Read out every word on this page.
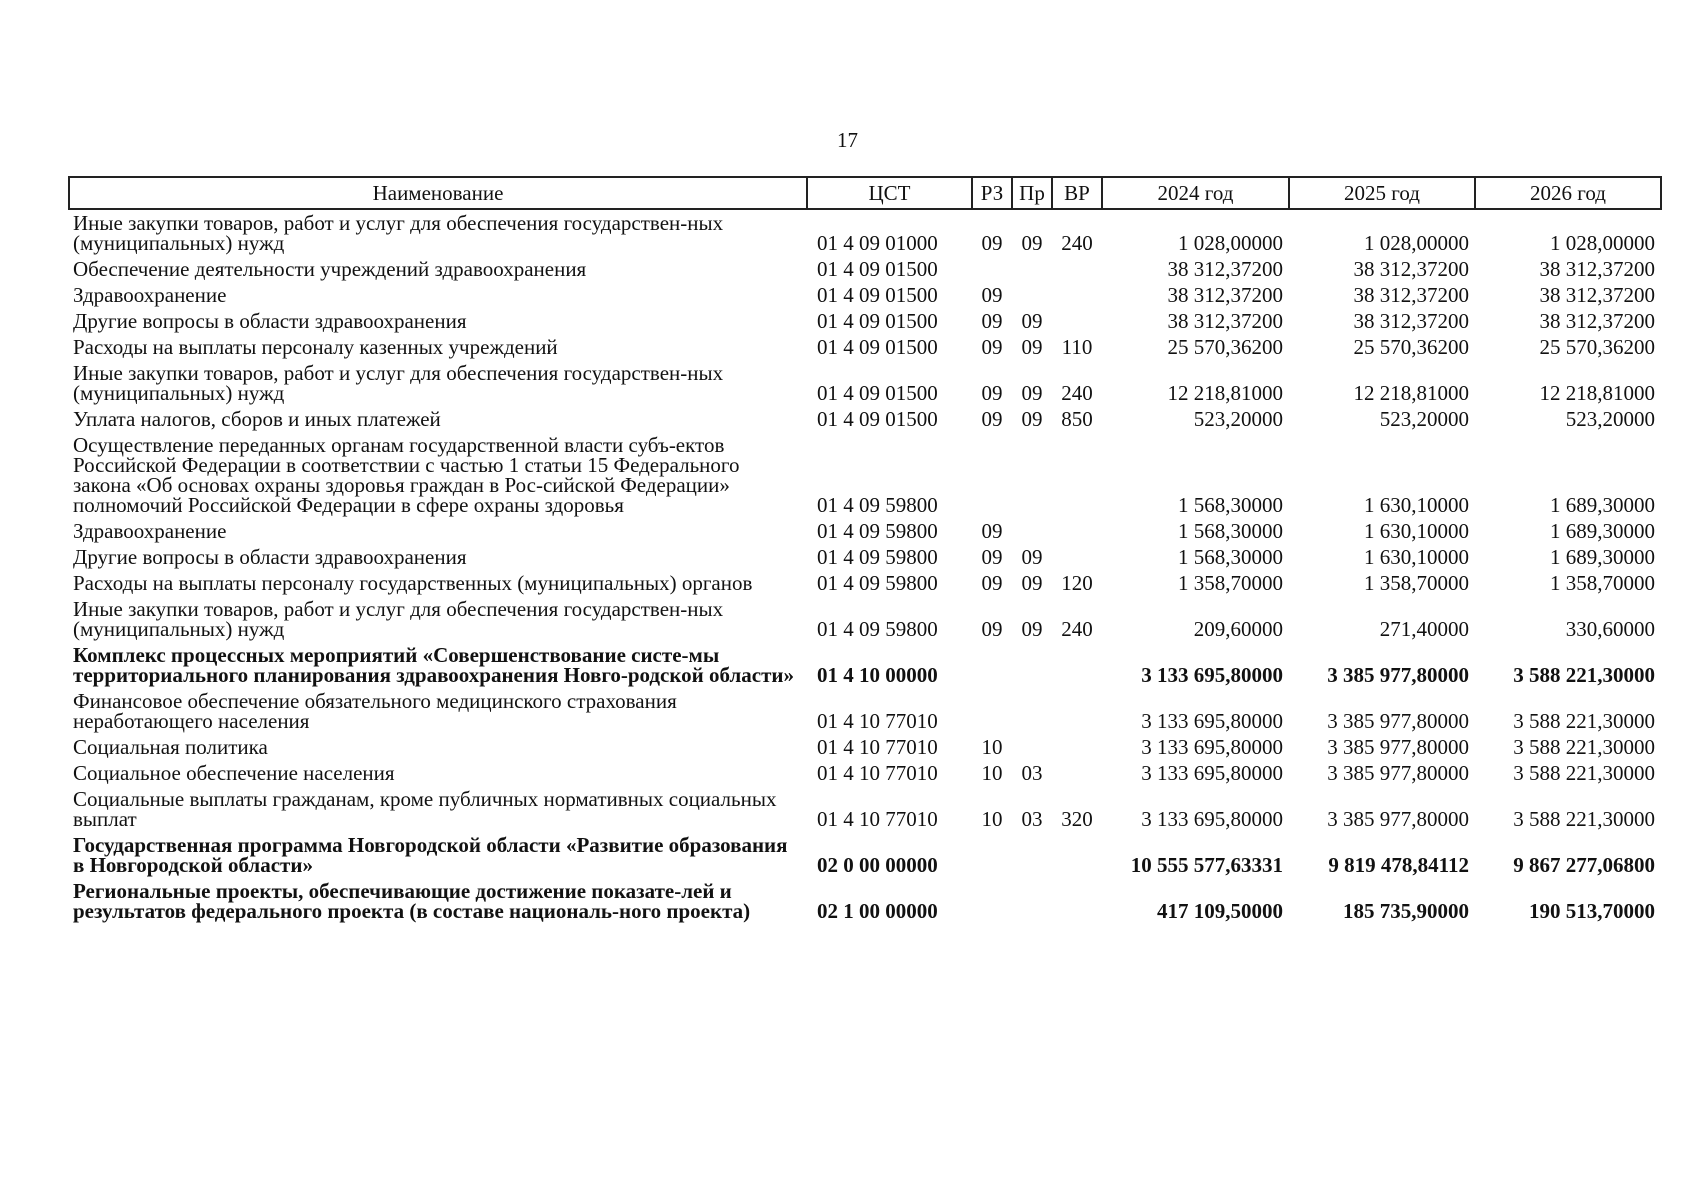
17
Наименование	ЦСТ	РЗ	Пр	ВР	2024 год	2025 год	2026 год
Иные закупки товаров, работ и услуг для обеспечения государствен-ных (муниципальных) нужд	01 4 09 01000	09	09	240	1 028,00000	1 028,00000	1 028,00000
Обеспечение деятельности учреждений здравоохранения	01 4 09 01500				38 312,37200	38 312,37200	38 312,37200
Здравоохранение	01 4 09 01500	09			38 312,37200	38 312,37200	38 312,37200
Другие вопросы в области здравоохранения	01 4 09 01500	09	09		38 312,37200	38 312,37200	38 312,37200
Расходы на выплаты персоналу казенных учреждений	01 4 09 01500	09	09	110	25 570,36200	25 570,36200	25 570,36200
Иные закупки товаров, работ и услуг для обеспечения государствен-ных (муниципальных) нужд	01 4 09 01500	09	09	240	12 218,81000	12 218,81000	12 218,81000
Уплата налогов, сборов и иных платежей	01 4 09 01500	09	09	850	523,20000	523,20000	523,20000
Осуществление переданных органам государственной власти субъ-ектов Российской Федерации в соответствии с частью 1 статьи 15 Федерального закона «Об основах охраны здоровья граждан в Рос-сийской Федерации» полномочий Российской Федерации в сфере охраны здоровья	01 4 09 59800				1 568,30000	1 630,10000	1 689,30000
Здравоохранение	01 4 09 59800	09			1 568,30000	1 630,10000	1 689,30000
Другие вопросы в области здравоохранения	01 4 09 59800	09	09		1 568,30000	1 630,10000	1 689,30000
Расходы на выплаты персоналу государственных (муниципальных) органов	01 4 09 59800	09	09	120	1 358,70000	1 358,70000	1 358,70000
Иные закупки товаров, работ и услуг для обеспечения государствен-ных (муниципальных) нужд	01 4 09 59800	09	09	240	209,60000	271,40000	330,60000
Комплекс процессных мероприятий «Совершенствование систе-мы территориального планирования здравоохранения Новго-родской области»	01 4 10 00000				3 133 695,80000	3 385 977,80000	3 588 221,30000
Финансовое обеспечение обязательного медицинского страхования неработающего населения	01 4 10 77010				3 133 695,80000	3 385 977,80000	3 588 221,30000
Социальная политика	01 4 10 77010	10			3 133 695,80000	3 385 977,80000	3 588 221,30000
Социальное обеспечение населения	01 4 10 77010	10	03		3 133 695,80000	3 385 977,80000	3 588 221,30000
Социальные выплаты гражданам, кроме публичных нормативных социальных выплат	01 4 10 77010	10	03	320	3 133 695,80000	3 385 977,80000	3 588 221,30000
Государственная программа Новгородской области «Развитие образования в Новгородской области»	02 0 00 00000				10 555 577,63331	9 819 478,84112	9 867 277,06800
Региональные проекты, обеспечивающие достижение показате-лей и результатов федерального проекта (в составе националь-ного проекта)	02 1 00 00000				417 109,50000	185 735,90000	190 513,70000
